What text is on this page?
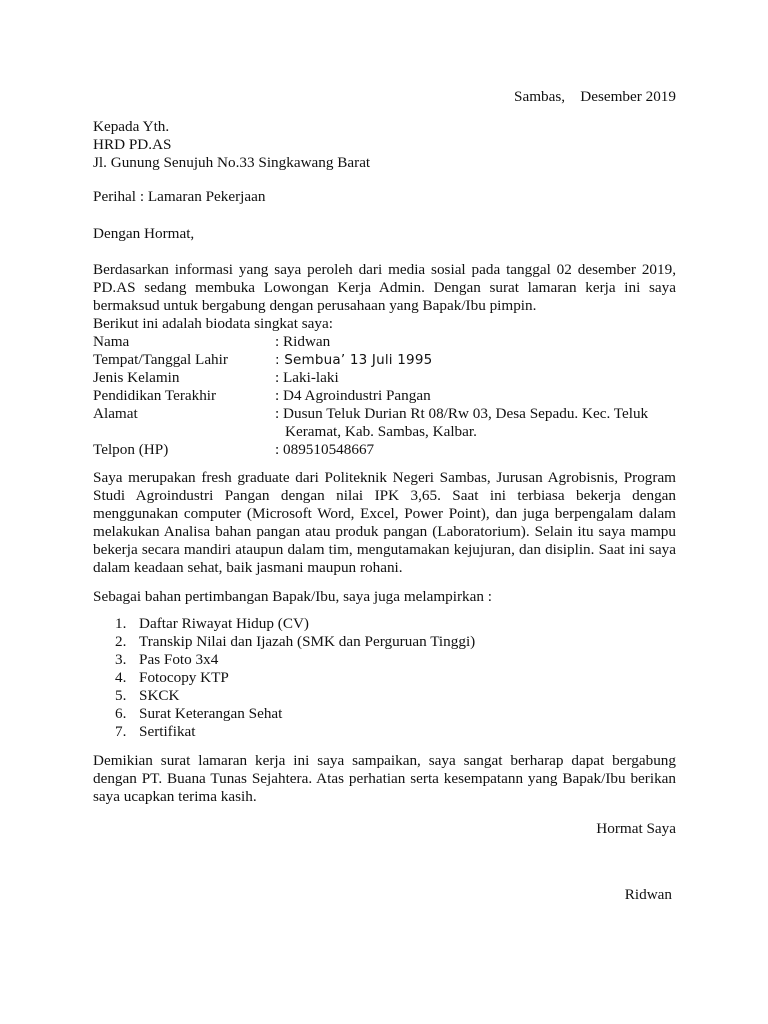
Sambas, Desember 2019
Kepada Yth.
HRD PD.AS
Jl. Gunung Senujuh No.33 Singkawang Barat
Perihal : Lamaran Pekerjaan
Dengan Hormat,
Berdasarkan informasi yang saya peroleh dari media sosial pada tanggal 02 desember 2019,
PD.AS sedang membuka Lowongan Kerja Admin. Dengan surat lamaran kerja ini saya
bermaksud untuk bergabung dengan perusahaan yang Bapak/Ibu pimpin.
Berikut ini adalah biodata singkat saya:
Nama	: Ridwan
Tempat/Tanggal Lahir	: Sembua’ 13 Juli 1995
Jenis Kelamin	: Laki-laki
Pendidikan Terakhir	: D4 Agroindustri Pangan
Alamat	: Dusun Teluk Durian Rt 08/Rw 03, Desa Sepadu. Kec. Teluk
Keramat, Kab. Sambas, Kalbar.
Telpon (HP)	: 089510548667
Saya merupakan fresh graduate dari Politeknik Negeri Sambas, Jurusan Agrobisnis, Program
Studi Agroindustri Pangan dengan nilai IPK 3,65. Saat ini terbiasa bekerja dengan
menggunakan computer (Microsoft Word, Excel, Power Point), dan juga berpengalam dalam
melakukan Analisa bahan pangan atau produk pangan (Laboratorium). Selain itu saya mampu
bekerja secara mandiri ataupun dalam tim, mengutamakan kejujuran, dan disiplin. Saat ini saya
dalam keadaan sehat, baik jasmani maupun rohani.
Sebagai bahan pertimbangan Bapak/Ibu, saya juga melampirkan :
1. Daftar Riwayat Hidup (CV)
2. Transkip Nilai dan Ijazah (SMK dan Perguruan Tinggi)
3. Pas Foto 3x4
4. Fotocopy KTP
5. SKCK
6. Surat Keterangan Sehat
7. Sertifikat
Demikian surat lamaran kerja ini saya sampaikan, saya sangat berharap dapat bergabung
dengan PT. Buana Tunas Sejahtera. Atas perhatian serta kesempatann yang Bapak/Ibu berikan
saya ucapkan terima kasih.
Hormat Saya
Ridwan
